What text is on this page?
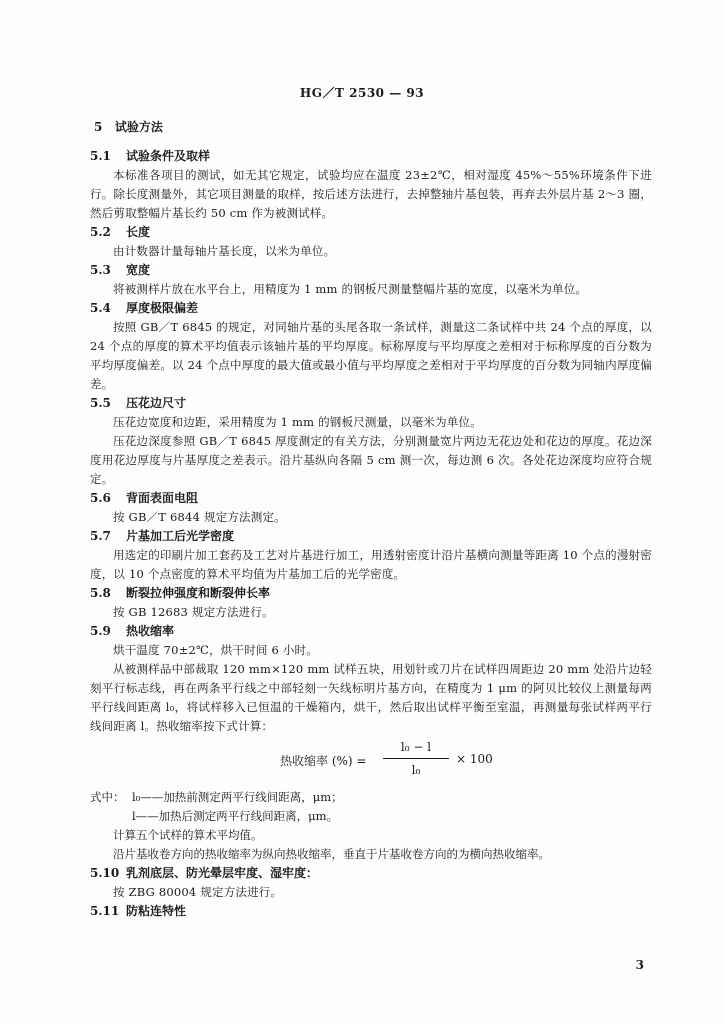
HG／T 2530 — 93
5 试验方法
5.1 试验条件及取样
本标准各项目的测试，如无其它规定，试验均应在温度 23±2℃，相对湿度 45%～55%环境条件下进行。除长度测量外，其它项目测量的取样，按后述方法进行，去掉整轴片基包装，再弃去外层片基 2～3 圈，然后剪取整幅片基长约 50 cm 作为被测试样。
5.2 长度
由计数器计量每轴片基长度，以米为单位。
5.3 宽度
将被测样片放在水平台上，用精度为 1 mm 的钢板尺测量整幅片基的宽度，以毫米为单位。
5.4 厚度极限偏差
按照 GB／T 6845 的规定，对同轴片基的头尾各取一条试样，测量这二条试样中共 24 个点的厚度，以 24 个点的厚度的算术平均值表示该轴片基的平均厚度。标称厚度与平均厚度之差相对于标称厚度的百分数为平均厚度偏差。以 24 个点中厚度的最大值或最小值与平均厚度之差相对于平均厚度的百分数为同轴内厚度偏差。
5.5 压花边尺寸
压花边宽度和边距，采用精度为 1 mm 的钢板尺测量，以毫米为单位。
压花边深度参照 GB／T 6845 厚度测定的有关方法，分别测量宽片两边无花边处和花边的厚度。花边深度用花边厚度与片基厚度之差表示。沿片基纵向各隔 5 cm 测一次，每边测 6 次。各处花边深度均应符合规定。
5.6 背面表面电阻
按 GB／T 6844 规定方法测定。
5.7 片基加工后光学密度
用选定的印刷片加工套药及工艺对片基进行加工，用透射密度计沿片基横向测量等距离 10 个点的漫射密度，以 10 个点密度的算术平均值为片基加工后的光学密度。
5.8 断裂拉伸强度和断裂伸长率
按 GB 12683 规定方法进行。
5.9 热收缩率
烘干温度 70±2℃，烘干时间 6 小时。
从被测样品中部裁取 120 mm×120 mm 试样五块，用划针或刀片在试样四周距边 20 mm 处沿片边轻刻平行标志线，再在两条平行线之中部轻刻一矢线标明片基方向，在精度为 1 μm 的阿贝比较仪上测量每两平行线间距离 l₀，将试样移入已恒温的干燥箱内，烘干，然后取出试样平衡至室温，再测量每张试样两平行线间距离 l。热收缩率按下式计算：
热收缩率 (%) =
l₀ − l
l₀
× 100
式中： l₀——加热前测定两平行线间距离，μm；
l——加热后测定两平行线间距离，μm。
计算五个试样的算术平均值。
沿片基收卷方向的热收缩率为纵向热收缩率，垂直于片基收卷方向的为横向热收缩率。
5.10 乳剂底层、防光晕层牢度、湿牢度：
按 ZBG 80004 规定方法进行。
5.11 防粘连特性
3
